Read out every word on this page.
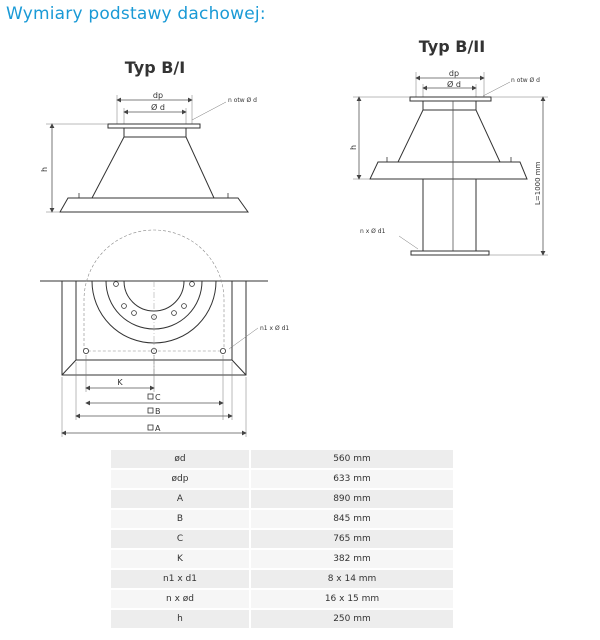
Wymiary podstawy dachowej:
Typ B/I
dp
Ø d
n otw Ø d
h
n1 x Ø d1
K
C
B
A
Typ B/II
dp
Ø d	n otw Ø d
n x Ø d1
h
L=1000 mm
ød	560 mm
ødp	633 mm
A	890 mm
B	845 mm
C	765 mm
K	382 mm
n1 x d1	8 x 14 mm
n x ød	16 x 15 mm
h	250 mm
